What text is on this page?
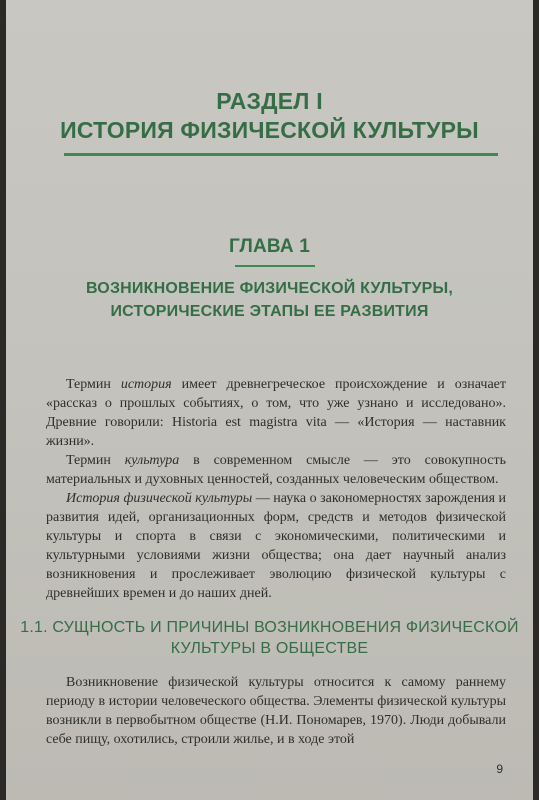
РАЗДЕЛ I
ИСТОРИЯ ФИЗИЧЕСКОЙ КУЛЬТУРЫ
ГЛАВА 1
ВОЗНИКНОВЕНИЕ ФИЗИЧЕСКОЙ КУЛЬТУРЫ,
ИСТОРИЧЕСКИЕ ЭТАПЫ ЕЕ РАЗВИТИЯ

Термин история имеет древнегреческое происхождение и означает «рассказ о прошлых событиях, о том, что уже узнано и исследовано». Древние говорили: Historia est magistra vita — «История — наставник жизни».

Термин культура в современном смысле — это совокупность материальных и духовных ценностей, созданных человеческим обществом.

История физической культуры — наука о закономерностях зарождения и развития идей, организационных форм, средств и методов физической культуры и спорта в связи с экономическими, политическими и культурными условиями жизни общества; она дает научный анализ возникновения и прослеживает эволюцию физической культуры с древнейших времен и до наших дней.

1.1. СУЩНОСТЬ И ПРИЧИНЫ ВОЗНИКНОВЕНИЯ ФИЗИЧЕСКОЙ
КУЛЬТУРЫ В ОБЩЕСТВЕ

Возникновение физической культуры относится к самому раннему периоду в истории человеческого общества. Элементы физической культуры возникли в первобытном обществе (Н.И. Пономарев, 1970). Люди добывали себе пищу, охотились, строили жилье, и в ходе этой

9
